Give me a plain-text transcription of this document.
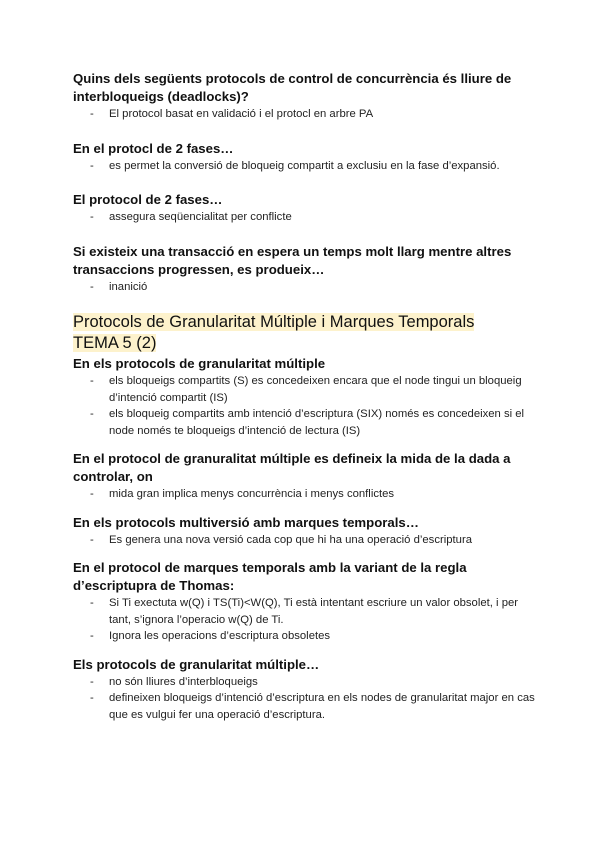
Quins dels següents protocols de control de concurrència és lliure de interbloqueigs (deadlocks)?

- El protocol basat en validació i el protocl en arbre PA

En el protocl de 2 fases…

- es permet la conversió de bloqueig compartit a exclusiu en la fase d’expansió.

El protocol de 2 fases…

- assegura seqüencialitat per conflicte

Si existeix una transacció en espera un temps molt llarg mentre altres transaccions progressen, es produeix…

- inanició
Protocols de Granularitat Múltiple i Marques Temporals
TEMA 5 (2)

En els protocols de granularitat múltiple

- els bloqueigs compartits (S) es concedeixen encara que el node tingui un bloqueig d’intenció compartit (IS)
- els bloqueig compartits amb intenció d’escriptura (SIX) només es concedeixen si el node només te bloqueigs d’intenció de lectura (IS)

En el protocol de granuralitat múltiple es defineix la mida de la dada a controlar, on

- mida gran implica menys concurrència i menys conflictes

En els protocols multiversió amb marques temporals…

- Es genera una nova versió cada cop que hi ha una operació d’escriptura

En el protocol de marques temporals amb la variant de la regla d’escriptupra de Thomas:

- Si Ti exectuta w(Q) i TS(Ti)<W(Q), Ti està intentant escriure un valor obsolet, i per tant, s’ignora l’operacio w(Q) de Ti.
- Ignora les operacions d’escriptura obsoletes

Els protocols de granularitat múltiple…

- no són lliures d’interbloqueigs
- defineixen bloqueigs d’intenció d’escriptura en els nodes de granularitat major en cas que es vulgui fer una operació d’escriptura.
